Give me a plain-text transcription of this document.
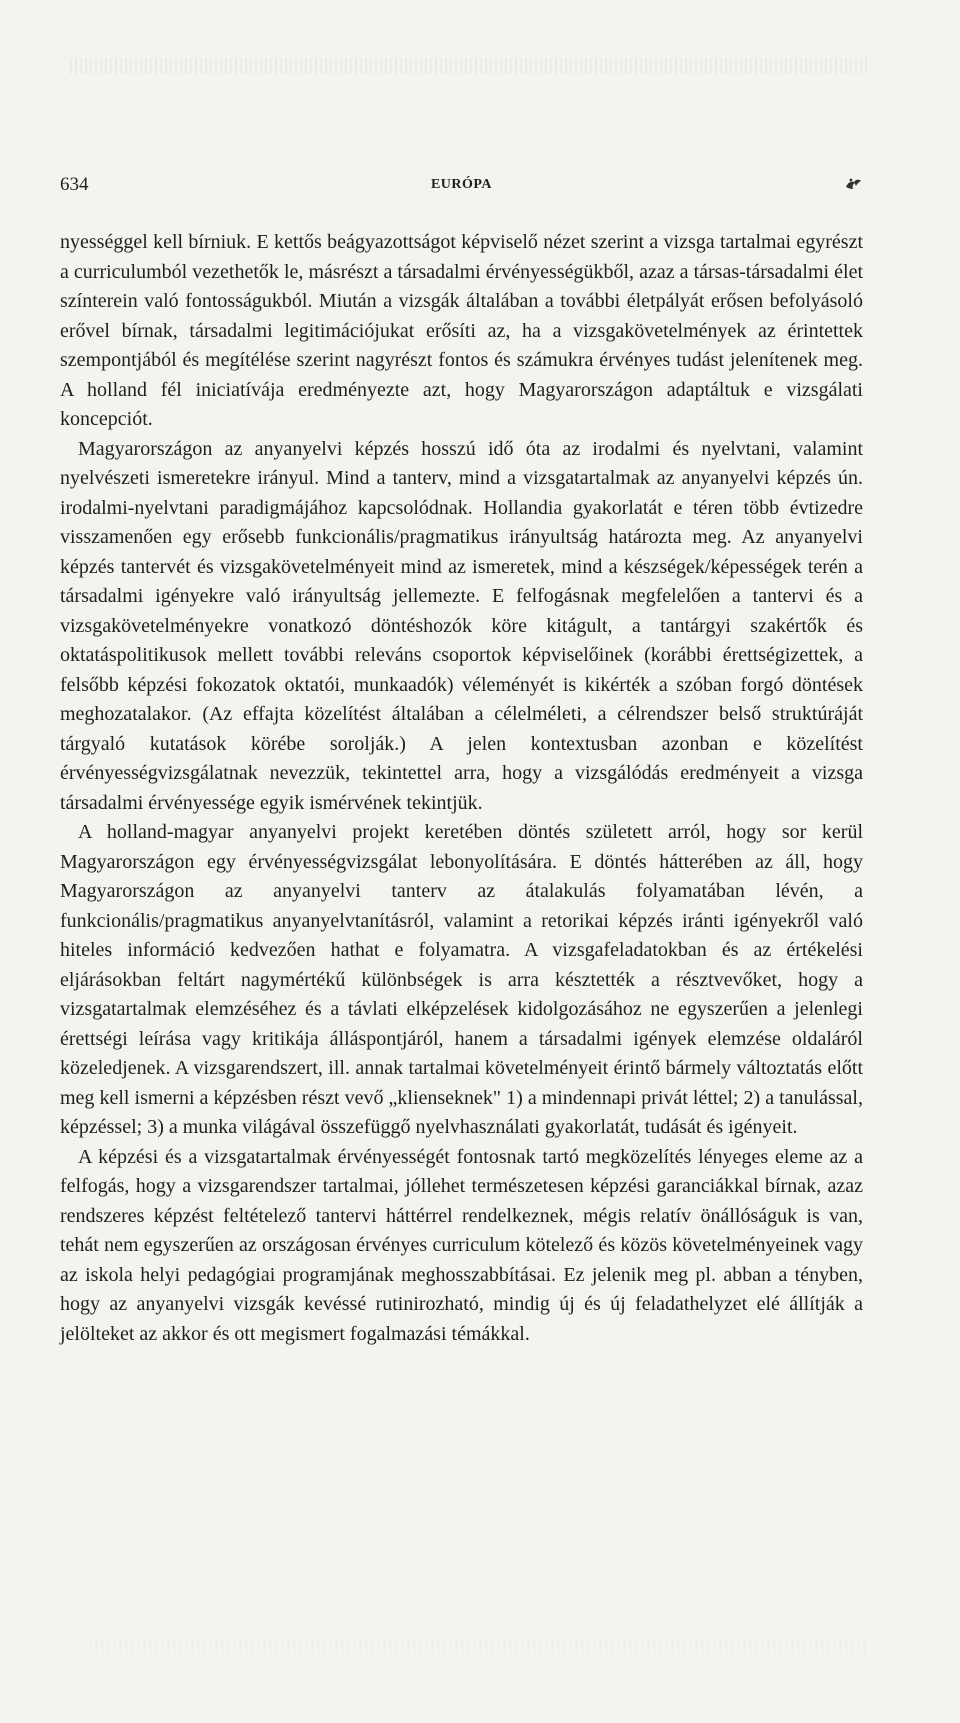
634	EURÓPA

nyességgel kell bírniuk. E kettős beágyazottságot képviselő nézet szerint a vizsga tartalmai egyrészt a curriculumból vezethetők le, másrészt a társadalmi érvényességükből, azaz a társas-társadalmi élet színterein való fontosságukból. Miután a vizsgák általában a további életpályát erősen befolyásoló erővel bírnak, társadalmi legitimációjukat erősíti az, ha a vizsgakövetelmények az érintettek szempontjából és megítélése szerint nagyrészt fontos és számukra érvényes tudást jelenítenek meg. A holland fél iniciatívája eredményezte azt, hogy Magyarországon adaptáltuk e vizsgálati koncepciót.

Magyarországon az anyanyelvi képzés hosszú idő óta az irodalmi és nyelvtani, valamint nyelvészeti ismeretekre irányul. Mind a tanterv, mind a vizsgatartalmak az anyanyelvi képzés ún. irodalmi-nyelvtani paradigmájához kapcsolódnak. Hollandia gyakorlatát e téren több évtizedre visszamenően egy erősebb funkcionális/pragmatikus irányultság határozta meg. Az anyanyelvi képzés tantervét és vizsgakövetelményeit mind az ismeretek, mind a készségek/képességek terén a társadalmi igényekre való irányultság jellemezte. E felfogásnak megfelelően a tantervi és a vizsgakövetelményekre vonatkozó döntéshozók köre kitágult, a tantárgyi szakértők és oktatáspolitikusok mellett további releváns csoportok képviselőinek (korábbi érettségizettek, a felsőbb képzési fokozatok oktatói, munkaadók) véleményét is kikérték a szóban forgó döntések meghozatalakor. (Az effajta közelítést általában a célelméleti, a célrendszer belső struktúráját tárgyaló kutatások körébe sorolják.) A jelen kontextusban azonban e közelítést érvényességvizsgálatnak nevezzük, tekintettel arra, hogy a vizsgálódás eredményeit a vizsga társadalmi érvényessége egyik ismérvének tekintjük.

A holland-magyar anyanyelvi projekt keretében döntés született arról, hogy sor kerül Magyarországon egy érvényességvizsgálat lebonyolítására. E döntés hátterében az áll, hogy Magyarországon az anyanyelvi tanterv az átalakulás folyamatában lévén, a funkcionális/pragmatikus anyanyelvtanításról, valamint a retorikai képzés iránti igényekről való hiteles információ kedvezően hathat e folyamatra. A vizsgafeladatokban és az értékelési eljárásokban feltárt nagymértékű különbségek is arra késztették a résztvevőket, hogy a vizsgatartalmak elemzéséhez és a távlati elképzelések kidolgozásához ne egyszerűen a jelenlegi érettségi leírása vagy kritikája álláspontjáról, hanem a társadalmi igények elemzése oldaláról közeledjenek. A vizsgarendszert, ill. annak tartalmai követelményeit érintő bármely változtatás előtt meg kell ismerni a képzésben részt vevő „klienseknek" 1) a mindennapi privát léttel; 2) a tanulással, képzéssel; 3) a munka világával összefüggő nyelvhasználati gyakorlatát, tudását és igényeit.

A képzési és a vizsgatartalmak érvényességét fontosnak tartó megközelítés lényeges eleme az a felfogás, hogy a vizsgarendszer tartalmai, jóllehet természetesen képzési garanciákkal bírnak, azaz rendszeres képzést feltételező tantervi háttérrel rendelkeznek, mégis relatív önállóságuk is van, tehát nem egyszerűen az országosan érvényes curriculum kötelező és közös követelményeinek vagy az iskola helyi pedagógiai programjának meghosszabbításai. Ez jelenik meg pl. abban a tényben, hogy az anyanyelvi vizsgák kevéssé rutinirozható, mindig új és új feladathelyzet elé állítják a jelölteket az akkor és ott megismert fogalmazási témákkal.
